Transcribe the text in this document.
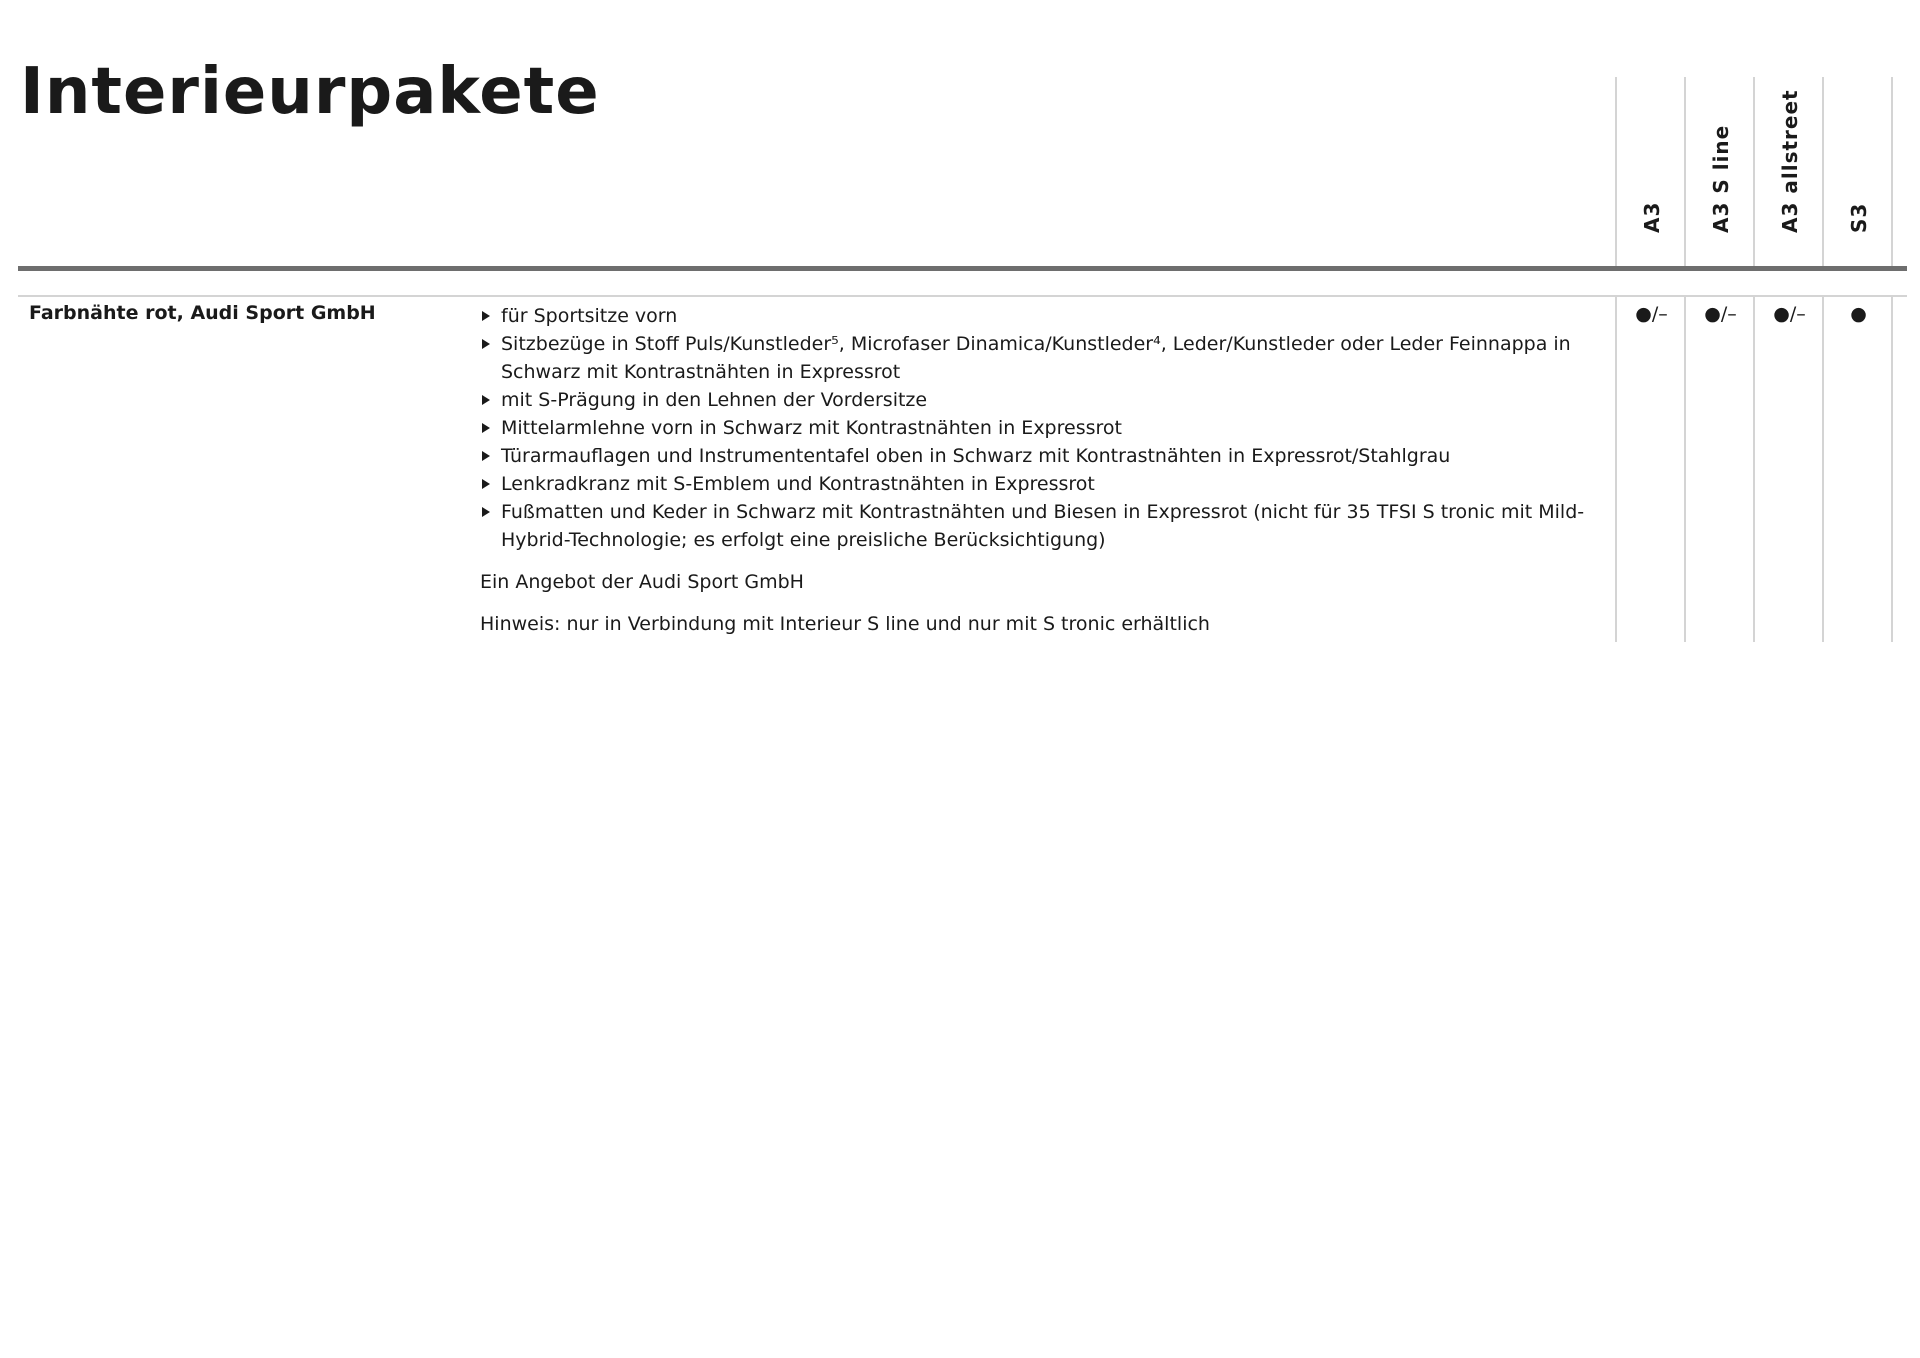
Interieurpakete
A3 A3 S line A3 allstreet S3
Farbnähte rot, Audi Sport GmbH	für Sportsitze vorn
Sitzbezüge in Stoff Puls/Kunstleder⁵, Microfaser Dinamica/Kunstleder⁴, Leder/Kunstleder oder Leder Feinnappa in Schwarz mit Kontrastnähten in Expressrot
mit S-Prägung in den Lehnen der Vordersitze
Mittelarmlehne vorn in Schwarz mit Kontrastnähten in Expressrot
Türarmauflagen und Instrumententafel oben in Schwarz mit Kontrastnähten in Expressrot/Stahlgrau
Lenkradkranz mit S-Emblem und Kontrastnähten in Expressrot
Fußmatten und Keder in Schwarz mit Kontrastnähten und Biesen in Expressrot (nicht für 35 TFSI S tronic mit Mild-Hybrid-Technologie; es erfolgt eine preisliche Berücksichtigung)

Ein Angebot der Audi Sport GmbH

Hinweis: nur in Verbindung mit Interieur S line und nur mit S tronic erhältlich

●/–	●/–	●/–	●
